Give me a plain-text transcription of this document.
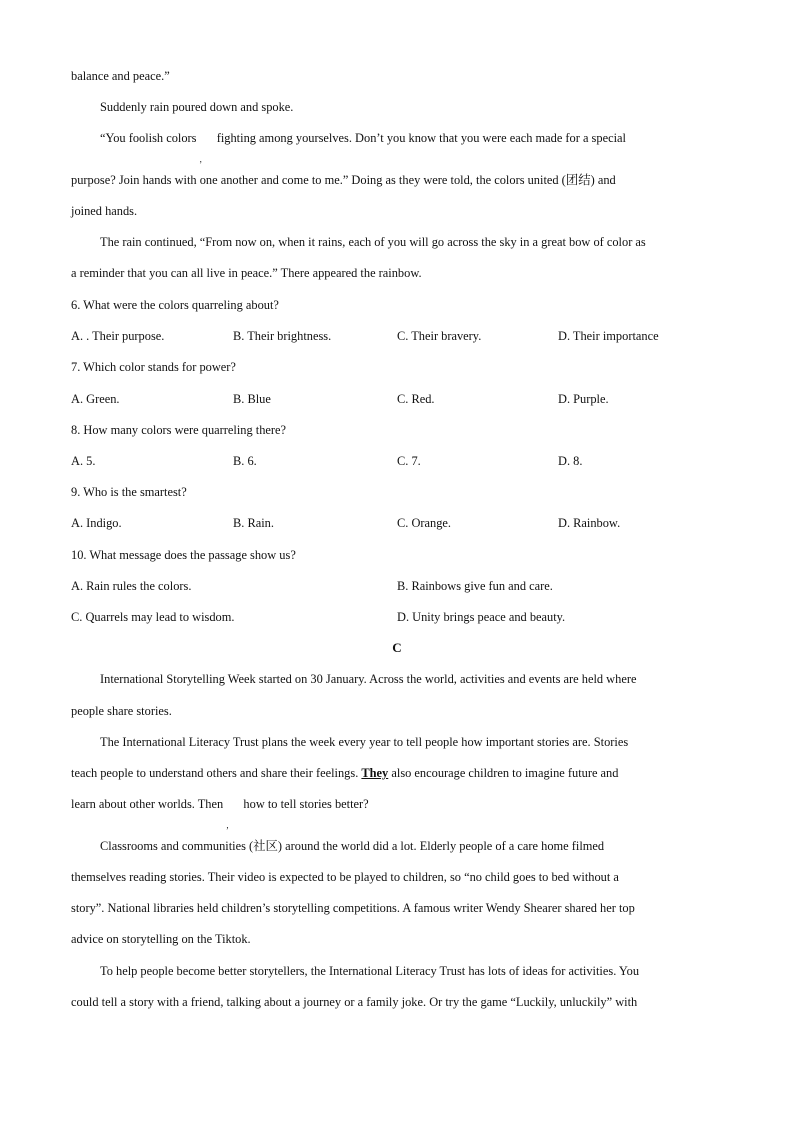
balance and peace.”
Suddenly rain poured down and spoke.
“You foolish colors fighting among yourselves. Don’t you know that you were each made for a special
purpose? Join hands with one another and come to me.” Doing as they were told, the colors united (团结) and
joined hands.
The rain continued, “From now on, when it rains, each of you will go across the sky in a great bow of color as
a reminder that you can all live in peace.” There appeared the rainbow.
6. What were the colors quarreling about?
A. . Their purpose.	B. Their brightness.	C. Their bravery.	D. Their importance
7. Which color stands for power?
A. Green.	B. Blue	C. Red.	D. Purple.
8. How many colors were quarreling there?
A. 5.	B. 6.	C. 7.	D. 8.
9. Who is the smartest?
A. Indigo.	B. Rain.	C. Orange.	D. Rainbow.
10. What message does the passage show us?
A. Rain rules the colors.	B. Rainbows give fun and care.
C. Quarrels may lead to wisdom.	D. Unity brings peace and beauty.
C
International Storytelling Week started on 30 January. Across the world, activities and events are held where
people share stories.
The International Literacy Trust plans the week every year to tell people how important stories are. Stories
teach people to understand others and share their feelings. They also encourage children to imagine future and
learn about other worlds. Then how to tell stories better?
Classrooms and communities (社区) around the world did a lot. Elderly people of a care home filmed
themselves reading stories. Their video is expected to be played to children, so “no child goes to bed without a
story”. National libraries held children’s storytelling competitions. A famous writer Wendy Shearer shared her top
advice on storytelling on the Tiktok.
To help people become better storytellers, the International Literacy Trust has lots of ideas for activities. You
could tell a story with a friend, talking about a journey or a family joke. Or try the game “Luckily, unluckily” with
